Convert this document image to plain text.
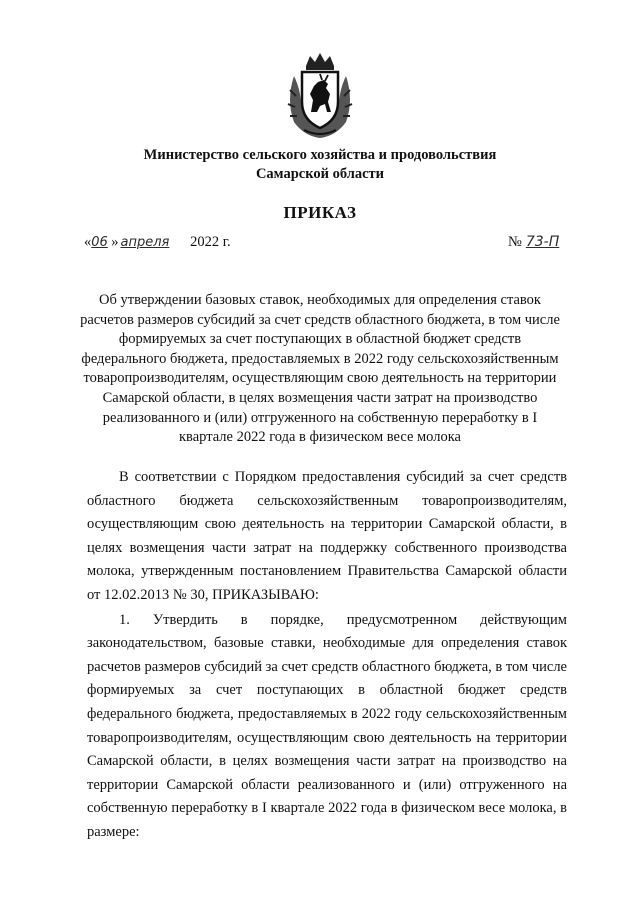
Министерство сельского хозяйства и продовольствия
Самарской области
ПРИКАЗ
«06 » апреля 2022 г.	№ 73-П
Об утверждении базовых ставок, необходимых для определения ставок расчетов размеров субсидий за счет средств областного бюджета, в том числе формируемых за счет поступающих в областной бюджет средств федерального бюджета, предоставляемых в 2022 году сельскохозяйственным товаропроизводителям, осуществляющим свою деятельность на территории Самарской области, в целях возмещения части затрат на производство реализованного и (или) отгруженного на собственную переработку в I квартале 2022 года в физическом весе молока

В соответствии с Порядком предоставления субсидий за счет средств областного бюджета сельскохозяйственным товаропроизводителям, осуществляющим свою деятельность на территории Самарской области, в целях возмещения части затрат на поддержку собственного производства молока, утвержденным постановлением Правительства Самарской области от 12.02.2013 № 30, ПРИКАЗЫВАЮ:

1. Утвердить в порядке, предусмотренном действующим законодательством, базовые ставки, необходимые для определения ставок расчетов размеров субсидий за счет средств областного бюджета, в том числе формируемых за счет поступающих в областной бюджет средств федерального бюджета, предоставляемых в 2022 году сельскохозяйственным товаропроизводителям, осуществляющим свою деятельность на территории Самарской области, в целях возмещения части затрат на производство на территории Самарской области реализованного и (или) отгруженного на собственную переработку в I квартале 2022 года в физическом весе молока, в размере:
